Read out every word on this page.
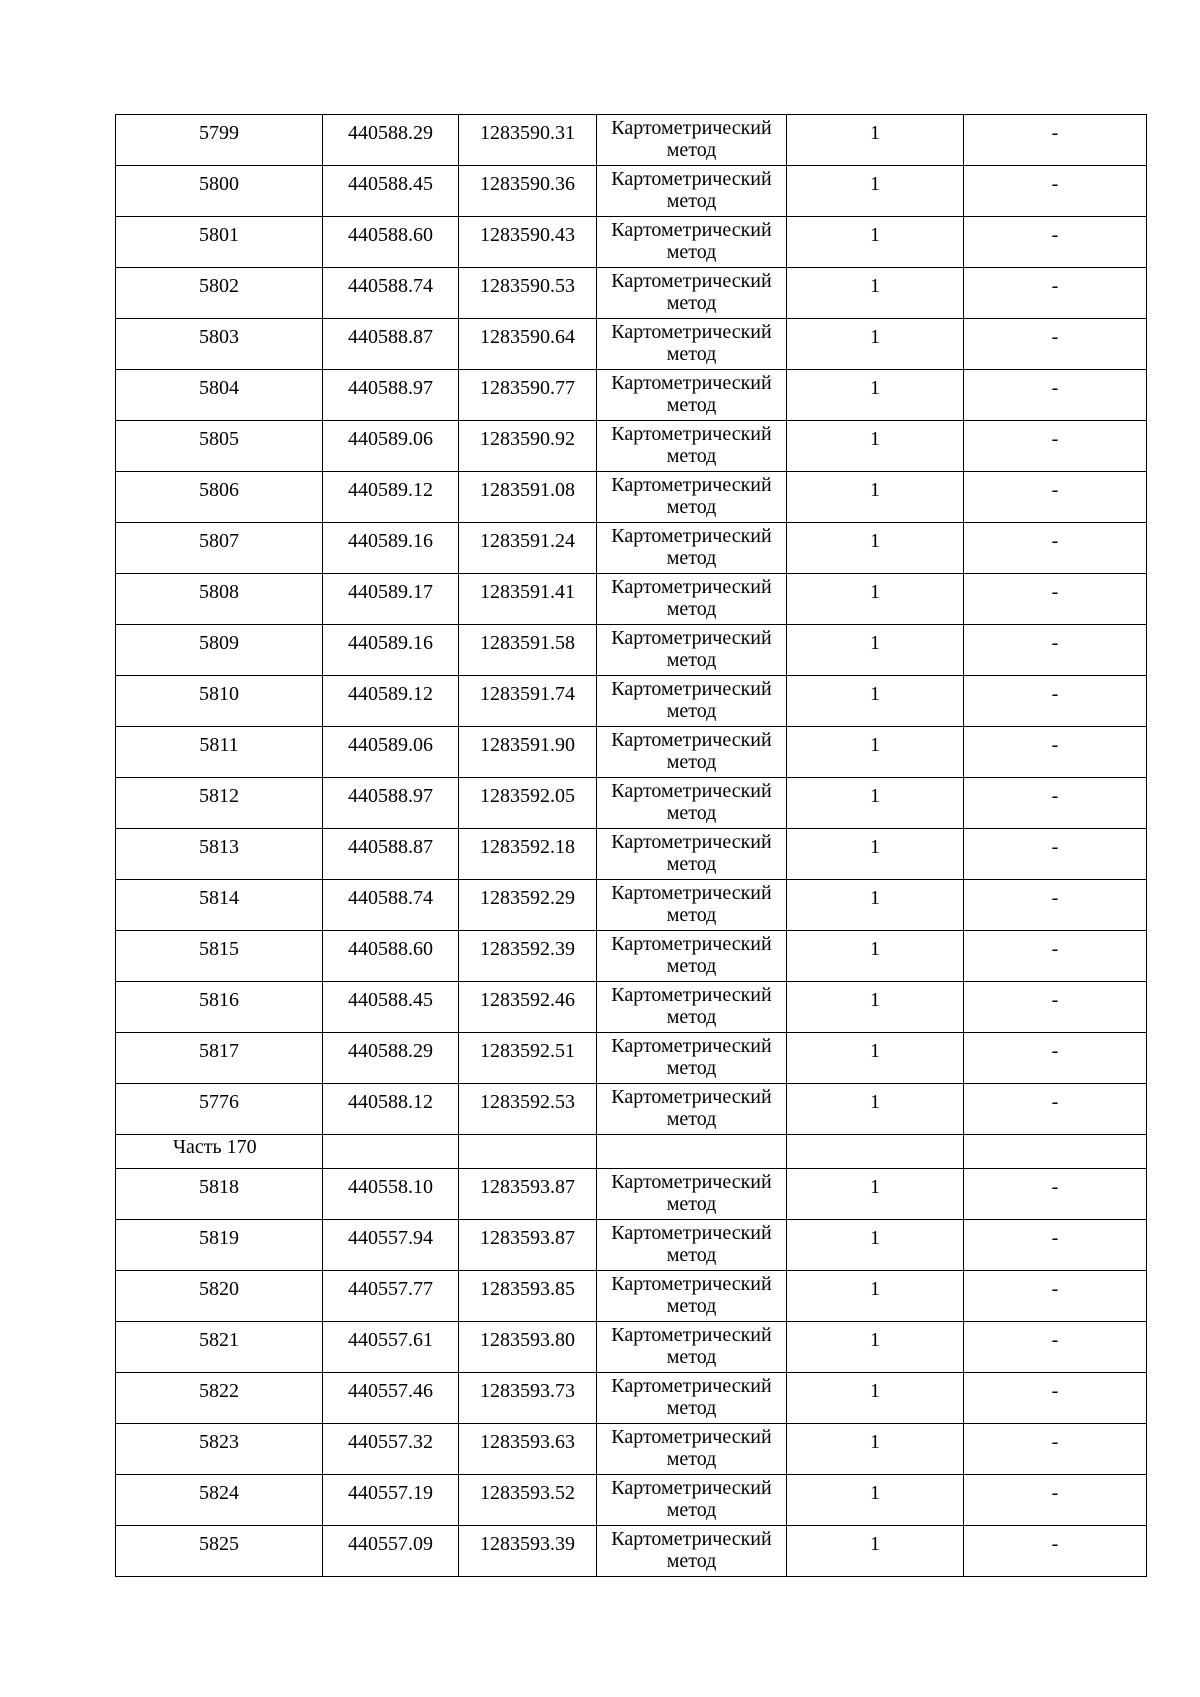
5799	440588.29	1283590.31	Картометрический метод	1	-

5800	440588.45	1283590.36	Картометрический метод	1	-

5801	440588.60	1283590.43	Картометрический метод	1	-

5802	440588.74	1283590.53	Картометрический метод	1	-

5803	440588.87	1283590.64	Картометрический метод	1	-

5804	440588.97	1283590.77	Картометрический метод	1	-

5805	440589.06	1283590.92	Картометрический метод	1	-

5806	440589.12	1283591.08	Картометрический метод	1	-

5807	440589.16	1283591.24	Картометрический метод	1	-

5808	440589.17	1283591.41	Картометрический метод	1	-

5809	440589.16	1283591.58	Картометрический метод	1	-

5810	440589.12	1283591.74	Картометрический метод	1	-

5811	440589.06	1283591.90	Картометрический метод	1	-

5812	440588.97	1283592.05	Картометрический метод	1	-

5813	440588.87	1283592.18	Картометрический метод	1	-

5814	440588.74	1283592.29	Картометрический метод	1	-

5815	440588.60	1283592.39	Картометрический метод	1	-

5816	440588.45	1283592.46	Картометрический метод	1	-

5817	440588.29	1283592.51	Картометрический метод	1	-

5776	440588.12	1283592.53	Картометрический метод	1	-

Часть 170					

5818	440558.10	1283593.87	Картометрический метод	1	-

5819	440557.94	1283593.87	Картометрический метод	1	-

5820	440557.77	1283593.85	Картометрический метод	1	-

5821	440557.61	1283593.80	Картометрический метод	1	-

5822	440557.46	1283593.73	Картометрический метод	1	-

5823	440557.32	1283593.63	Картометрический метод	1	-

5824	440557.19	1283593.52	Картометрический метод	1	-

5825	440557.09	1283593.39	Картометрический метод	1	-
